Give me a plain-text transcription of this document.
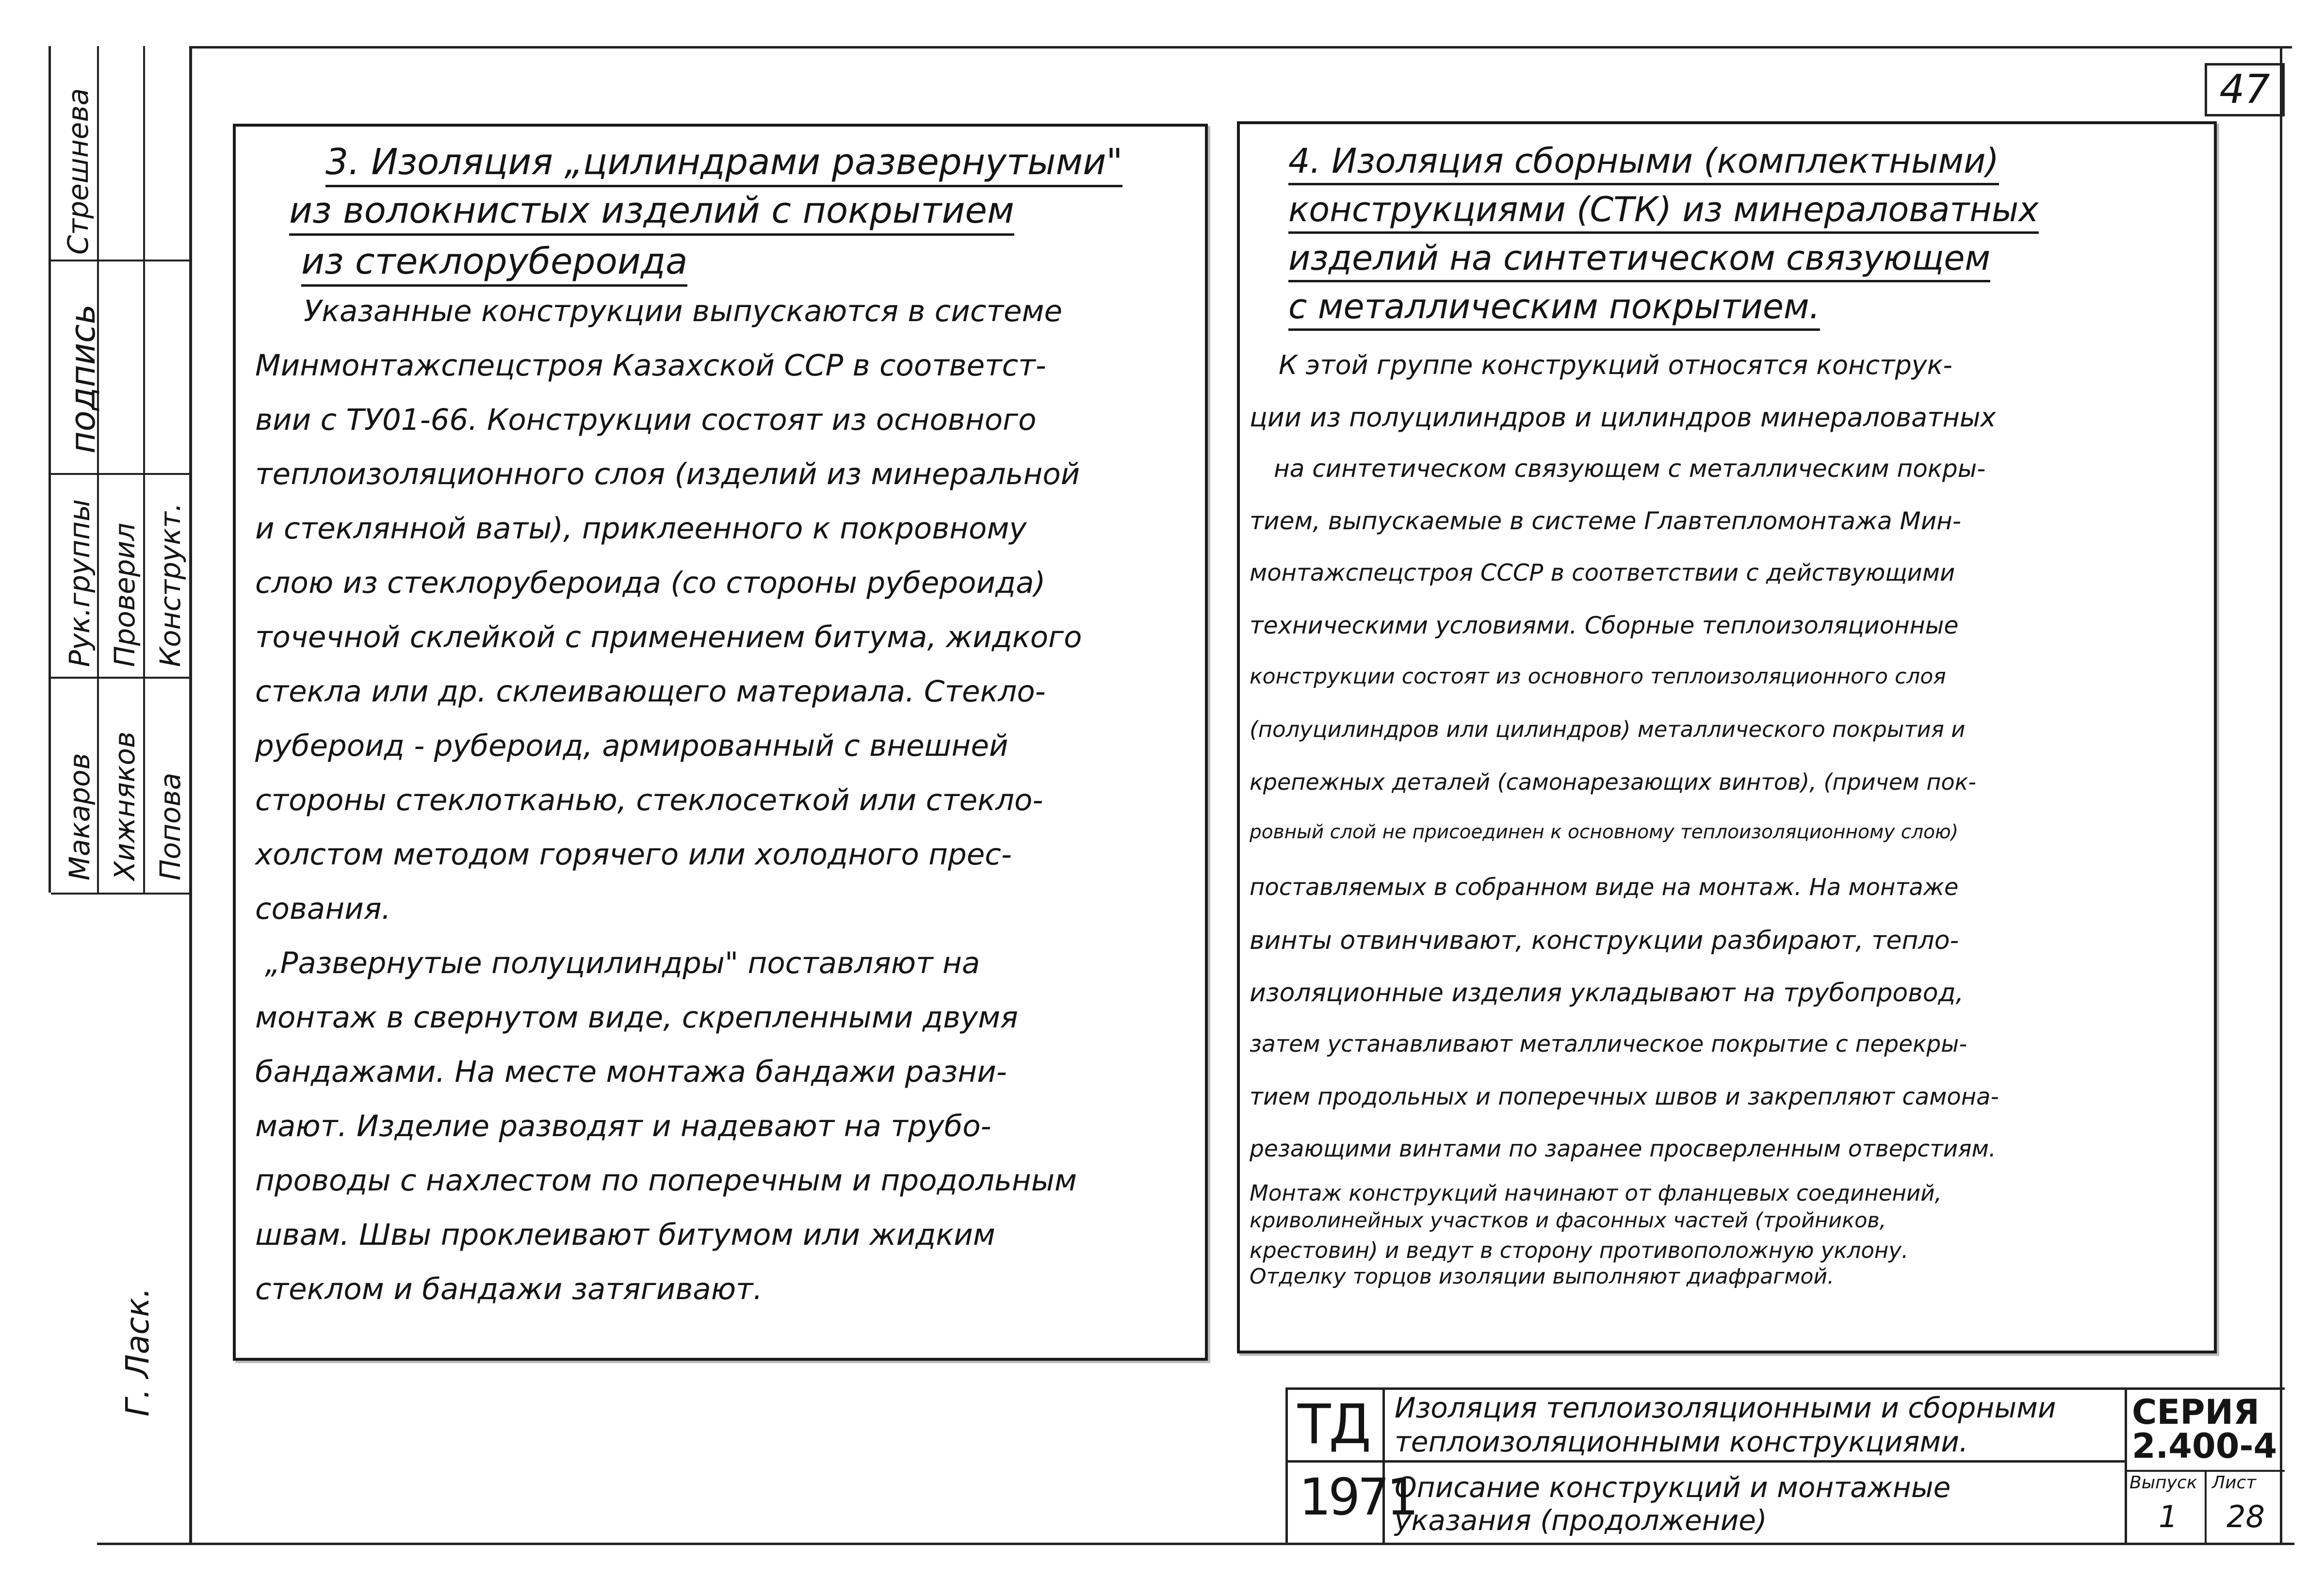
47
Стрешнева
подпись
Рук.группы Проверил Конструкт.
Макаров Хижняков Попова
Г. Ласк.
3. Изоляция „цилиндрами развернутыми"
из волокнистых изделий с покрытием
из стеклорубероида
Указанные конструкции выпускаются в системе
Минмонтажспецстроя Казахской ССР в соответст-
вии с ТУ01-66. Конструкции состоят из основного
теплоизоляционного слоя (изделий из минеральной
и стеклянной ваты), приклеенного к покровному
слою из стеклорубероида (со стороны рубероида)
точечной склейкой с применением битума, жидкого
стекла или др. склеивающего материала. Стекло-
рубероид - рубероид, армированный с внешней
стороны стеклотканью, стеклосеткой или стекло-
холстом методом горячего или холодного прес-
сования.
„Развернутые полуцилиндры" поставляют на
монтаж в свернутом виде, скрепленными двумя
бандажами. На месте монтажа бандажи разни-
мают. Изделие разводят и надевают на трубо-
проводы с нахлестом по поперечным и продольным
швам. Швы проклеивают битумом или жидким
стеклом и бандажи затягивают.
4. Изоляция сборными (комплектными)
конструкциями (СТК) из минераловатных
изделий на синтетическом связующем
с металлическим покрытием.
К этой группе конструкций относятся конструк-
ции из полуцилиндров и цилиндров минераловатных
на синтетическом связующем с металлическим покры-
тием, выпускаемые в системе Главтепломонтажа Мин-
монтажспецстроя СССР в соответствии с действующими
техническими условиями. Сборные теплоизоляционные
конструкции состоят из основного теплоизоляционного слоя
(полуцилиндров или цилиндров) металлического покрытия и
крепежных деталей (самонарезающих винтов), (причем пок-
ровный слой не присоединен к основному теплоизоляционному слою)
поставляемых в собранном виде на монтаж. На монтаже
винты отвинчивают, конструкции разбирают, тепло-
изоляционные изделия укладывают на трубопровод,
затем устанавливают металлическое покрытие с перекры-
тием продольных и поперечных швов и закрепляют самона-
резающими винтами по заранее просверленным отверстиям.
Монтаж конструкций начинают от фланцевых соединений,
криволинейных участков и фасонных частей (тройников,
крестовин) и ведут в сторону противоположную уклону.
Отделку торцов изоляции выполняют диафрагмой.
ТД
1971
Изоляция теплоизоляционными и сборными
теплоизоляционными конструкциями.
Описание конструкций и монтажные
указания (продолжение)
СЕРИЯ
2.400-4
Выпуск Лист
1 28
